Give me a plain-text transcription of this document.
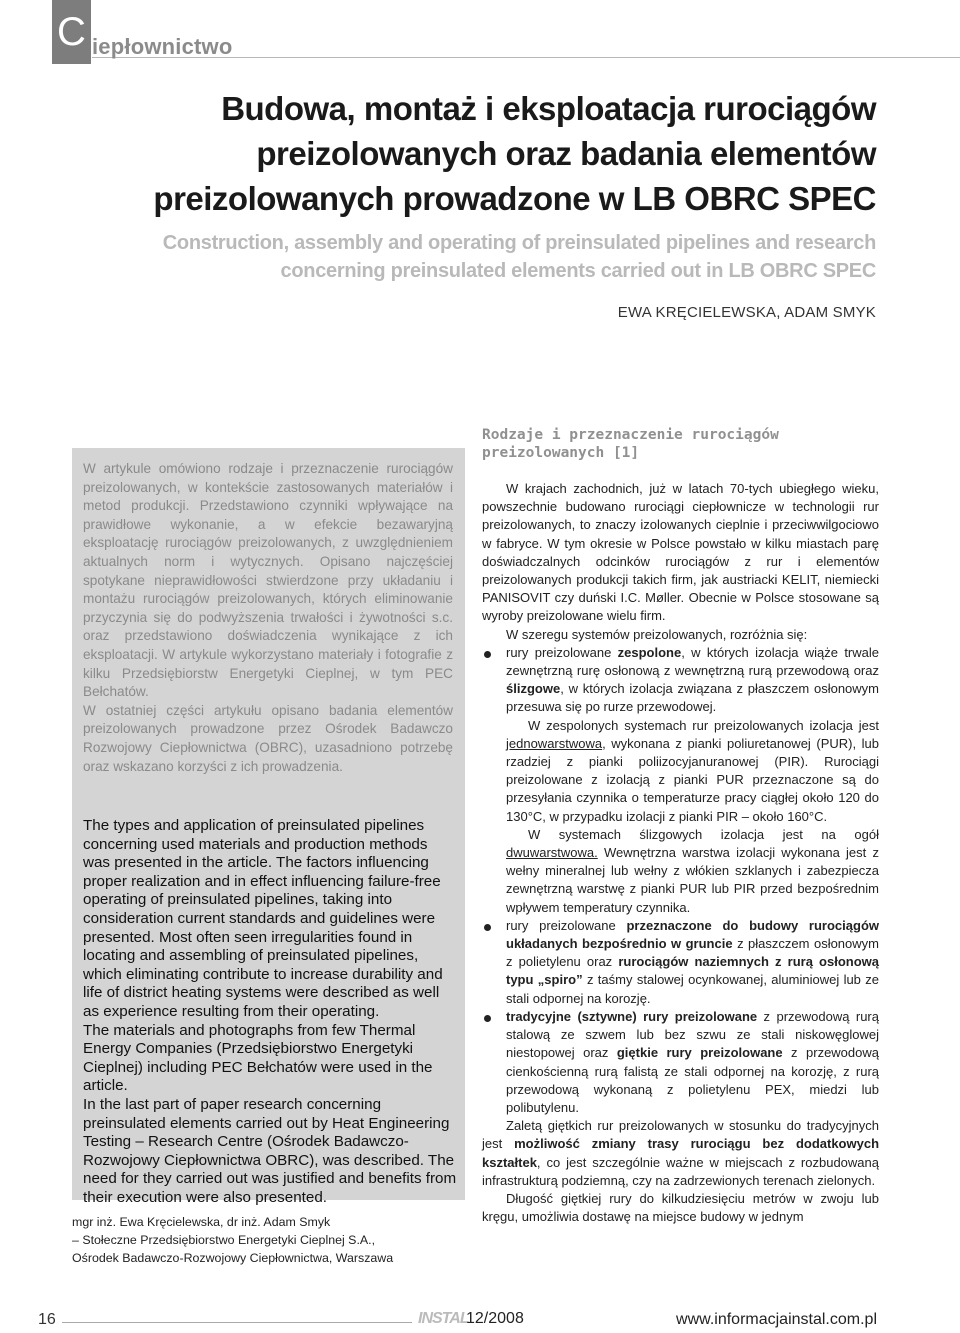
C iepłownictwo
Budowa, montaż i eksploatacja rurociągów
preizolowanych oraz badania elementów
preizolowanych prowadzone w LB OBRC SPEC
Construction, assembly and operating of preinsulated pipelines and research
concerning preinsulated elements carried out in LB OBRC SPEC
EWA KRĘCIELEWSKA, ADAM SMYK

W artykule omówiono rodzaje i przeznaczenie rurociągów preizolowanych, w kontekście zastosowanych materiałów i metod produkcji. Przedstawiono czynniki wpływające na prawidłowe wykonanie, a w efekcie bezawaryjną eksploatację rurociągów preizolowanych, z uwzględnieniem aktualnych norm i wytycznych. Opisano najczęściej spotykane nieprawidłowości stwierdzone przy układaniu i montażu rurociągów preizolowanych, których eliminowanie przyczynia się do podwyższenia trwałości i żywotności s.c. oraz przedstawiono doświadczenia wynikające z ich eksploatacji. W artykule wykorzystano materiały i fotografie z kilku Przedsiębiorstw Energetyki Cieplnej, w tym PEC Bełchatów.

W ostatniej części artykułu opisano badania elementów preizolowanych prowadzone przez Ośrodek Badawczo Rozwojowy Ciepłownictwa (OBRC), uzasadniono potrzebę oraz wskazano korzyści z ich prowadzenia.

The types and application of preinsulated pipelines concerning used materials and production methods was presented in the article. The factors influencing proper realization and in effect influencing failure-free operating of preinsulated pipelines, taking into consideration current standards and guidelines were presented. Most often seen irregularities found in locating and assembling of preinsulated pipelines, which eliminating contribute to increase durability and life of district heating systems were described as well as experience resulting from their operating.

The materials and photographs from few Thermal Energy Companies (Przedsiębiorstwo Energetyki Cieplnej) including PEC Bełchatów were used in the article.

In the last part of paper research concerning preinsulated elements carried out by Heat Engineering Testing – Research Centre (Ośrodek Badawczo-Rozwojowy Ciepłownictwa OBRC), was described. The need for they carried out was justified and benefits from their execution were also presented.

mgr inż. Ewa Kręcielewska, dr inż. Adam Smyk
– Stołeczne Przedsiębiorstwo Energetyki Cieplnej S.A.,
Ośrodek Badawczo-Rozwojowy Ciepłownictwa, Warszawa
Rodzaje i przeznaczenie rurociągów preizolowanych [1]

W krajach zachodnich, już w latach 70-tych ubiegłego wieku, powszechnie budowano rurociągi ciepłownicze w technologii rur preizolowanych, to znaczy izolowanych cieplnie i przeciwwilgociowo w fabryce. W tym okresie w Polsce powstało w kilku miastach parę doświadczalnych odcinków rurociągów z rur i elementów preizolowanych produkcji takich firm, jak austriacki KELIT, niemiecki PANISOVIT czy duński I.C. Møller. Obecnie w Polsce stosowane są wyroby preizolowane wielu firm.

W szeregu systemów preizolowanych, rozróżnia się:

rury preizolowane zespolone, w których izolacja wiąże trwale zewnętrzną rurę osłonową z wewnętrzną rurą przewodową oraz ślizgowe, w których izolacja związana z płaszczem osłonowym przesuwa się po rurze przewodowej.
W zespolonych systemach rur preizolowanych izolacja jest jednowarstwowa, wykonana z pianki poliuretanowej (PUR), lub rzadziej z pianki poliizocyjanuranowej (PIR). Rurociągi preizolowane z izolacją z pianki PUR przeznaczone są do przesyłania czynnika o temperaturze pracy ciągłej około 120 do 130°C, w przypadku izolacji z pianki PIR – około 160°C.
W systemach ślizgowych izolacja jest na ogół dwuwarstwowa. Wewnętrzna warstwa izolacji wykonana jest z wełny mineralnej lub wełny z włókien szklanych i zabezpiecza zewnętrzną warstwę z pianki PUR lub PIR przed bezpośrednim wpływem temperatury czynnika.
rury preizolowane przeznaczone do budowy rurociągów układanych bezpośrednio w gruncie z płaszczem osłonowym z polietylenu oraz rurociągów naziemnych z rurą osłonową typu „spiro” z taśmy stalowej ocynkowanej, aluminiowej lub ze stali odpornej na korozję.
tradycyjne (sztywne) rury preizolowane z przewodową rurą stalową ze szwem lub bez szwu ze stali niskowęglowej niestopowej oraz giętkie rury preizolowane z przewodową cienkościenną rurą falistą ze stali odpornej na korozję, z rurą przewodową wykonaną z polietylenu PEX, miedzi lub polibutylenu.

Zaletą giętkich rur preizolowanych w stosunku do tradycyjnych jest możliwość zmiany trasy rurociągu bez dodatkowych kształtek, co jest szczególnie ważne w miejscach z rozbudowaną infrastrukturą podziemną, czy na zadrzewionych terenach zielonych.

Długość giętkiej rury do kilkudziesięciu metrów w zwoju lub kręgu, umożliwia dostawę na miejsce budowy w jednym

16	INSTAL
12/2008	www.informacjainstal.com.pl
